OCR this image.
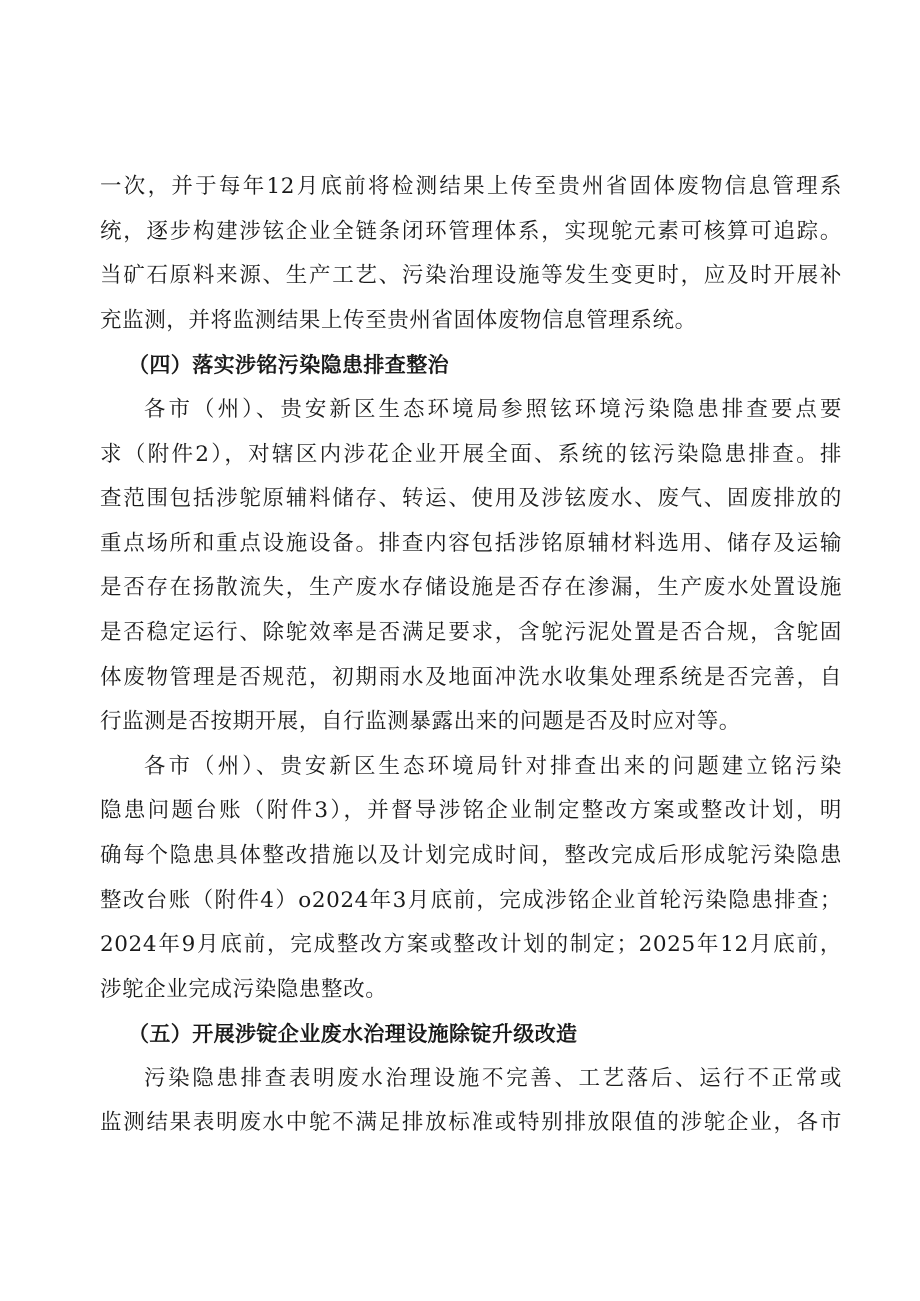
一次，并于每年12月底前将检测结果上传至贵州省固体废物信息管理系
统，逐步构建涉铉企业全链条闭环管理体系，实现鸵元素可核算可追踪。
当矿石原料来源、生产工艺、污染治理设施等发生变更时，应及时开展补
充监测，并将监测结果上传至贵州省固体废物信息管理系统。
（四）落实涉铭污染隐患排查整治
各市（州）、贵安新区生态环境局参照铉环境污染隐患排查要点要
求（附件2），对辖区内涉花企业开展全面、系统的铉污染隐患排查。排
查范围包括涉鸵原辅料储存、转运、使用及涉铉废水、废气、固废排放的
重点场所和重点设施设备。排查内容包括涉铭原辅材料选用、储存及运输
是否存在扬散流失，生产废水存储设施是否存在渗漏，生产废水处置设施
是否稳定运行、除鸵效率是否满足要求，含鸵污泥处置是否合规，含鸵固
体废物管理是否规范，初期雨水及地面冲洗水收集处理系统是否完善，自
行监测是否按期开展，自行监测暴露出来的问题是否及时应对等。
各市（州）、贵安新区生态环境局针对排查出来的问题建立铭污染
隐患问题台账（附件3），并督导涉铭企业制定整改方案或整改计划，明
确每个隐患具体整改措施以及计划完成时间，整改完成后形成鸵污染隐患
整改台账（附件4）o2024年3月底前，完成涉铭企业首轮污染隐患排查；
2024年9月底前，完成整改方案或整改计划的制定；2025年12月底前，
涉鸵企业完成污染隐患整改。
（五）开展涉锭企业废水治理设施除锭升级改造
污染隐患排查表明废水治理设施不完善、工艺落后、运行不正常或
监测结果表明废水中鸵不满足排放标准或特别排放限值的涉鸵企业，各市
